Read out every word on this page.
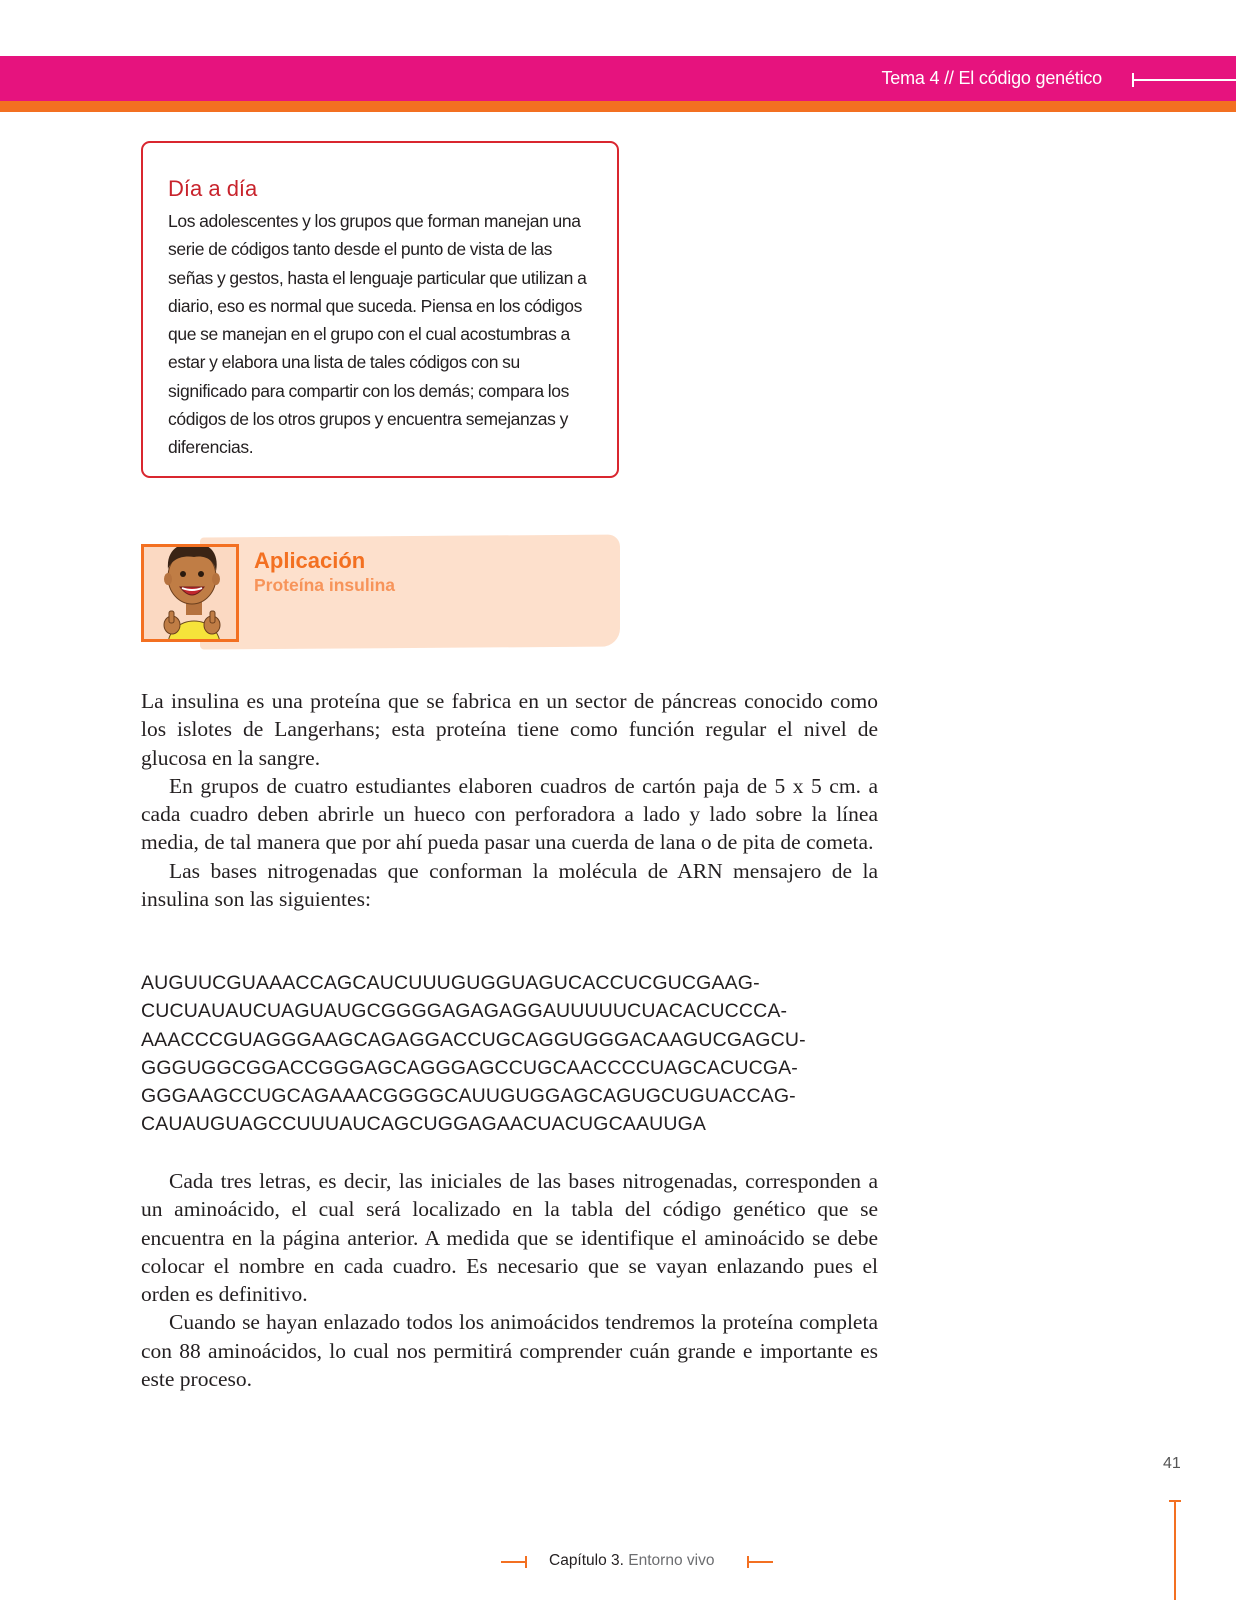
Tema 4 // El código genético
Día a día
Los adolescentes y los grupos que forman manejan una serie de códigos tanto desde el punto de vista de las señas y gestos, hasta el lenguaje particular que utilizan a diario, eso es normal que suceda. Piensa en los códigos que se manejan en el grupo con el cual acostumbras a estar y elabora una lista de tales códigos con su significado para compartir con los demás; compara los códigos de los otros grupos y encuentra semejanzas y diferencias.
Aplicación
Proteína insulina

La insulina es una proteína que se fabrica en un sector de páncreas conocido como los islotes de Langerhans; esta proteína tiene como función regular el nivel de glucosa en la sangre.

En grupos de cuatro estudiantes elaboren cuadros de cartón paja de 5 x 5 cm. a cada cuadro deben abrirle un hueco con perforadora a lado y lado sobre la línea media, de tal manera que por ahí pueda pasar una cuerda de lana o de pita de cometa.

Las bases nitrogenadas que conforman la molécula de ARN mensajero de la insulina son las siguientes:

AUGUUCGUAAACCAGCAUCUUUGUGGUAGUCACCUCGUCGAAG-
CUCUAUAUCUAGUAUGCGGGGAGAGAGGAUUUUUCUACACUCCCA-
AAACCCGUAGGGAAGCAGAGGACCUGCAGGUGGGACAAGUCGAGCU-
GGGUGGCGGACCGGGAGCAGGGAGCCUGCAACCCCUAGCACUCGA-
GGGAAGCCUGCAGAAACGGGGCAUUGUGGAGCAGUGCUGUACCAG-
CAUAUGUAGCCUUUAUCAGCUGGAGAACUACUGCAAUUGA

Cada tres letras, es decir, las iniciales de las bases nitrogenadas, corresponden a un aminoácido, el cual será localizado en la tabla del código genético que se encuentra en la página anterior. A medida que se identifique el aminoácido se debe colocar el nombre en cada cuadro. Es necesario que se vayan enlazando pues el orden es definitivo.

Cuando se hayan enlazado todos los animoácidos tendremos la proteína completa con 88 aminoácidos, lo cual nos permitirá comprender cuán grande e importante es este proceso.

41
Capítulo 3. Entorno vivo
